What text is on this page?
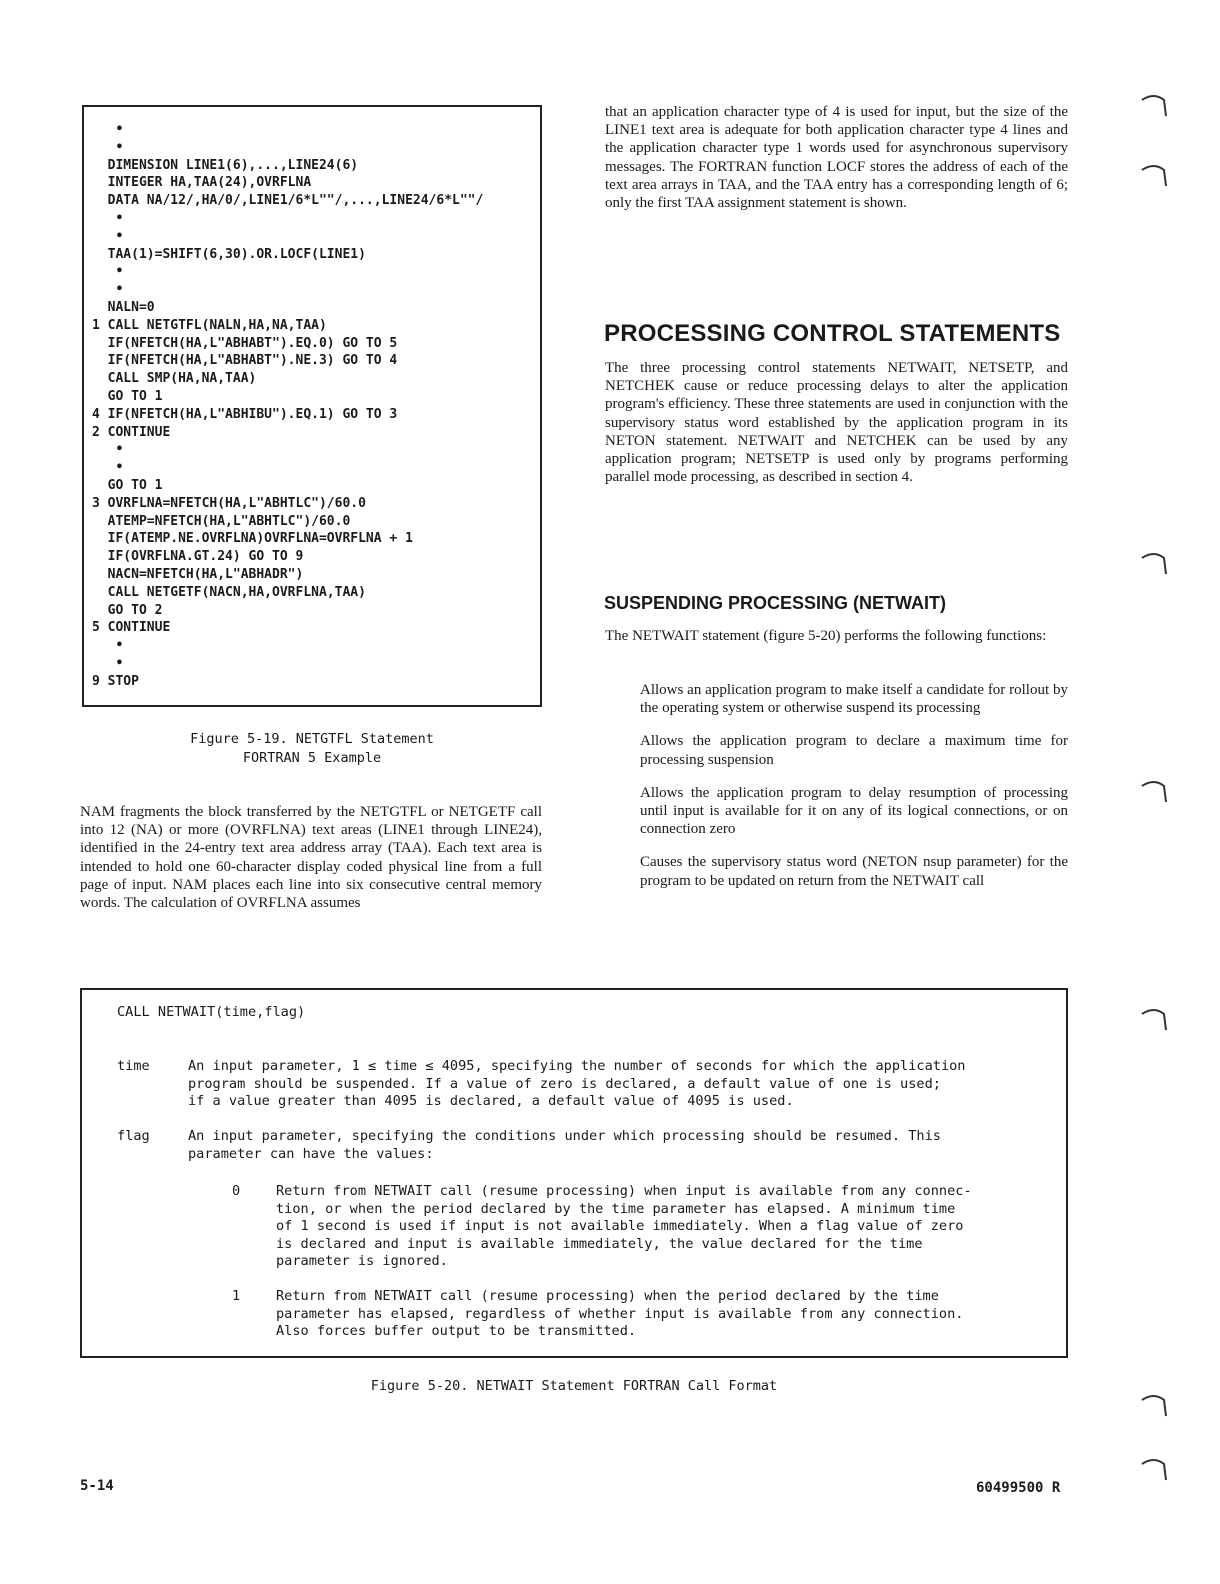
•
•
DIMENSION LINE1(6),...,LINE24(6)
INTEGER HA,TAA(24),OVRFLNA
DATA NA/12/,HA/0/,LINE1/6*L""/,...,LINE24/6*L""/
•
•
TAA(1)=SHIFT(6,30).OR.LOCF(LINE1)
•
•
NALN=0
1 CALL NETGTFL(NALN,HA,NA,TAA)
IF(NFETCH(HA,L"ABHABT").EQ.0) GO TO 5
IF(NFETCH(HA,L"ABHABT").NE.3) GO TO 4
CALL SMP(HA,NA,TAA)
GO TO 1
4 IF(NFETCH(HA,L"ABHIBU").EQ.1) GO TO 3
2 CONTINUE
•
•
GO TO 1
3 OVRFLNA=NFETCH(HA,L"ABHTLC")/60.0
ATEMP=NFETCH(HA,L"ABHTLC")/60.0
IF(ATEMP.NE.OVRFLNA)OVRFLNA=OVRFLNA + 1
IF(OVRFLNA.GT.24) GO TO 9
NACN=NFETCH(HA,L"ABHADR")
CALL NETGETF(NACN,HA,OVRFLNA,TAA)
GO TO 2
5 CONTINUE
•
•
9 STOP
Figure 5-19. NETGTFL Statement
FORTRAN 5 Example
NAM fragments the block transferred by the NETGTFL or NETGETF call into 12 (NA) or more (OVRFLNA) text areas (LINE1 through LINE24), identified in the 24-entry text area address array (TAA). Each text area is intended to hold one 60-character display coded physical line from a full page of input. NAM places each line into six consecutive central memory words. The calculation of OVRFLNA assumes
that an application character type of 4 is used for input, but the size of the LINE1 text area is adequate for both application character type 4 lines and the application character type 1 words used for asynchronous supervisory messages. The FORTRAN function LOCF stores the address of each of the text area arrays in TAA, and the TAA entry has a corresponding length of 6; only the first TAA assignment statement is shown.
PROCESSING CONTROL STATEMENTS
The three processing control statements NETWAIT, NETSETP, and NETCHEK cause or reduce processing delays to alter the application program's efficiency. These three statements are used in conjunction with the supervisory status word established by the application program in its NETON statement. NETWAIT and NETCHEK can be used by any application program; NETSETP is used only by programs performing parallel mode processing, as described in section 4.
SUSPENDING PROCESSING (NETWAIT)
The NETWAIT statement (figure 5-20) performs the following functions:
Allows an application program to make itself a candidate for rollout by the operating system or otherwise suspend its processing
Allows the application program to declare a maximum time for processing suspension
Allows the application program to delay resumption of processing until input is available for it on any of its logical connections, or on connection zero
Causes the supervisory status word (NETON nsup parameter) for the program to be updated on return from the NETWAIT call
CALL NETWAIT(time,flag)
time	An input parameter, 1 ≤ time ≤ 4095, specifying the number of seconds for which the application
program should be suspended. If a value of zero is declared, a default value of one is used;
if a value greater than 4095 is declared, a default value of 4095 is used.
flag	An input parameter, specifying the conditions under which processing should be resumed. This
parameter can have the values:
0	Return from NETWAIT call (resume processing) when input is available from any connec-
tion, or when the period declared by the time parameter has elapsed. A minimum time
of 1 second is used if input is not available immediately. When a flag value of zero
is declared and input is available immediately, the value declared for the time
parameter is ignored.
1	Return from NETWAIT call (resume processing) when the period declared by the time
parameter has elapsed, regardless of whether input is available from any connection.
Also forces buffer output to be transmitted.
Figure 5-20. NETWAIT Statement FORTRAN Call Format
5-14	60499500 R
